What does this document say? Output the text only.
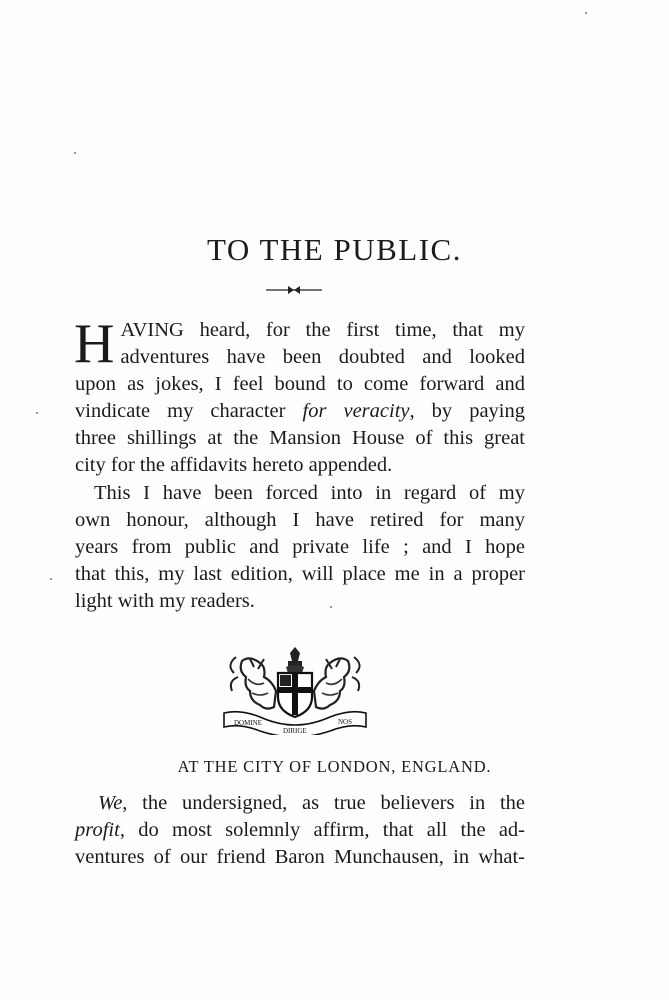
TO THE PUBLIC.
H AVING heard, for the first time, that my
adventures have been doubted and looked
upon as jokes, I feel bound to come forward and
vindicate my character for veracity, by paying
three shillings at the Mansion House of this great
city for the affidavits hereto appended.
This I have been forced into in regard of my
own honour, although I have retired for many
years from public and private life ; and I hope
that this, my last edition, will place me in a proper
light with my readers.
DOMINE
DIRIGE
NOS
AT THE CITY OF LONDON, ENGLAND.
We, the undersigned, as true believers in the
profit, do most solemnly affirm, that all the ad-
ventures of our friend Baron Munchausen, in what-
